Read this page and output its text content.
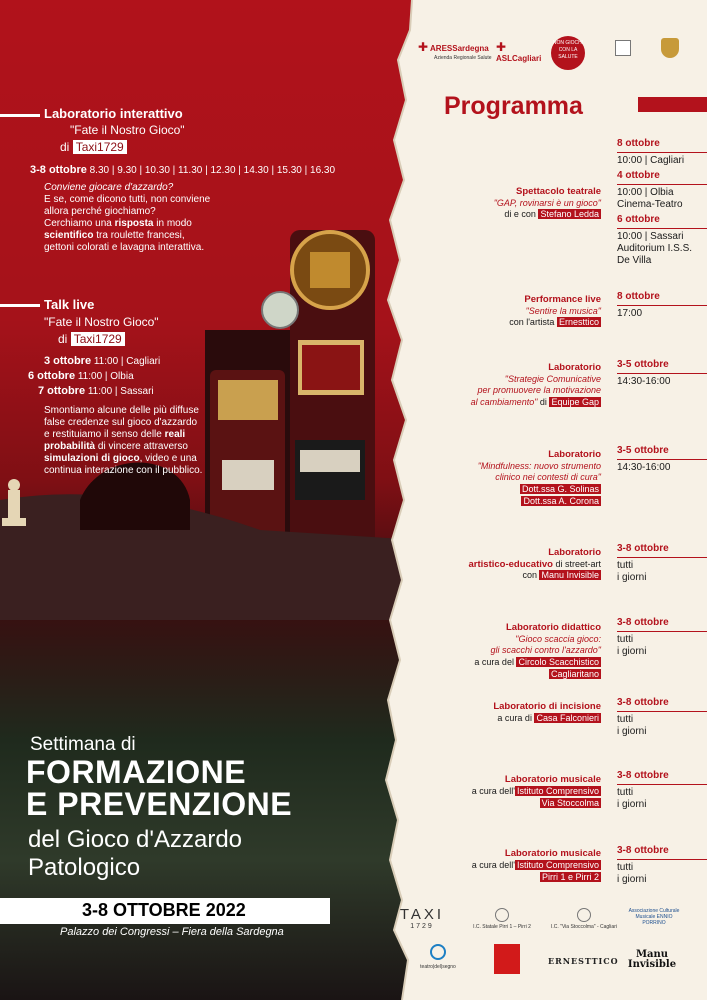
Laboratorio interattivo
"Fate il Nostro Gioco"
di Taxi1729
3-8 ottobre 8.30 | 9.30 | 10.30 | 11.30 | 12.30 | 14.30 | 15.30 | 16.30
Conviene giocare d'azzardo?
E se, come dicono tutti, non conviene
allora perché giochiamo?
Cerchiamo una risposta in modo
scientifico tra roulette francesi,
gettoni colorati e lavagna interattiva.
Talk live
"Fate il Nostro Gioco"
di Taxi1729
3 ottobre 11:00 | Cagliari
6 ottobre 11:00 | Olbia
7 ottobre 11:00 | Sassari
Smontiamo alcune delle più diffuse
false credenze sul gioco d'azzardo
e restituiamo il senso delle reali
probabilità di vincere attraverso
simulazioni di gioco, video e una
continua interazione con il pubblico.
Settimana di
FORMAZIONE
E PREVENZIONE
del Gioco d'Azzardo
Patologico
3-8 OTTOBRE 2022
Palazzo dei Congressi – Fiera della Sardegna
✚ ARESSardegna
Azienda Regionale Salute
✚
ASLCagliari
NON GIOCHI CON LA SALUTE
Programma
Spettacolo teatrale
"GAP, rovinarsi è un gioco"
di e con Stefano Ledda
Performance live
"Sentire la musica"
con l'artista Ernesttico
Laboratorio
"Strategie Comunicative
per promuovere la motivazione
al cambiamento" di Equipe Gap
Laboratorio
"Mindfulness: nuovo strumento
clinico nei contesti di cura"
Dott.ssa G. Solinas
Dott.ssa A. Corona
Laboratorio
artistico-educativo di street-art
con Manu Invisible
Laboratorio didattico
"Gioco scaccia gioco:
gli scacchi contro l'azzardo"
a cura del Circolo Scacchistico
Cagliaritano
Laboratorio di incisione
a cura di Casa Falconieri
Laboratorio musicale
a cura dell' Istituto Comprensivo
Via Stoccolma
Laboratorio musicale
a cura dell' Istituto Comprensivo
Pirri 1 e Pirri 2
8 ottobre
10:00 | Cagliari
4 ottobre
10:00 | Olbia
Cinema-Teatro
6 ottobre
10:00 | Sassari
Auditorium I.S.S.
De Villa
8 ottobre
17:00
3-5 ottobre
14:30-16:00
3-5 ottobre
14:30-16:00
3-8 ottobre
tutti
i giorni
3-8 ottobre
tutti
i giorni
3-8 ottobre
tutti
i giorni
3-8 ottobre
tutti
i giorni
3-8 ottobre
tutti
i giorni
TAXI
1729	I.C. Statale Pirri 1 – Pirri 2	I.C. "Via Stoccolma" - Cagliari
Associazione Culturale Musicale ENNIO PORRINO
teatro|del|segno
ERNESTTICO
Manu
Invisible
